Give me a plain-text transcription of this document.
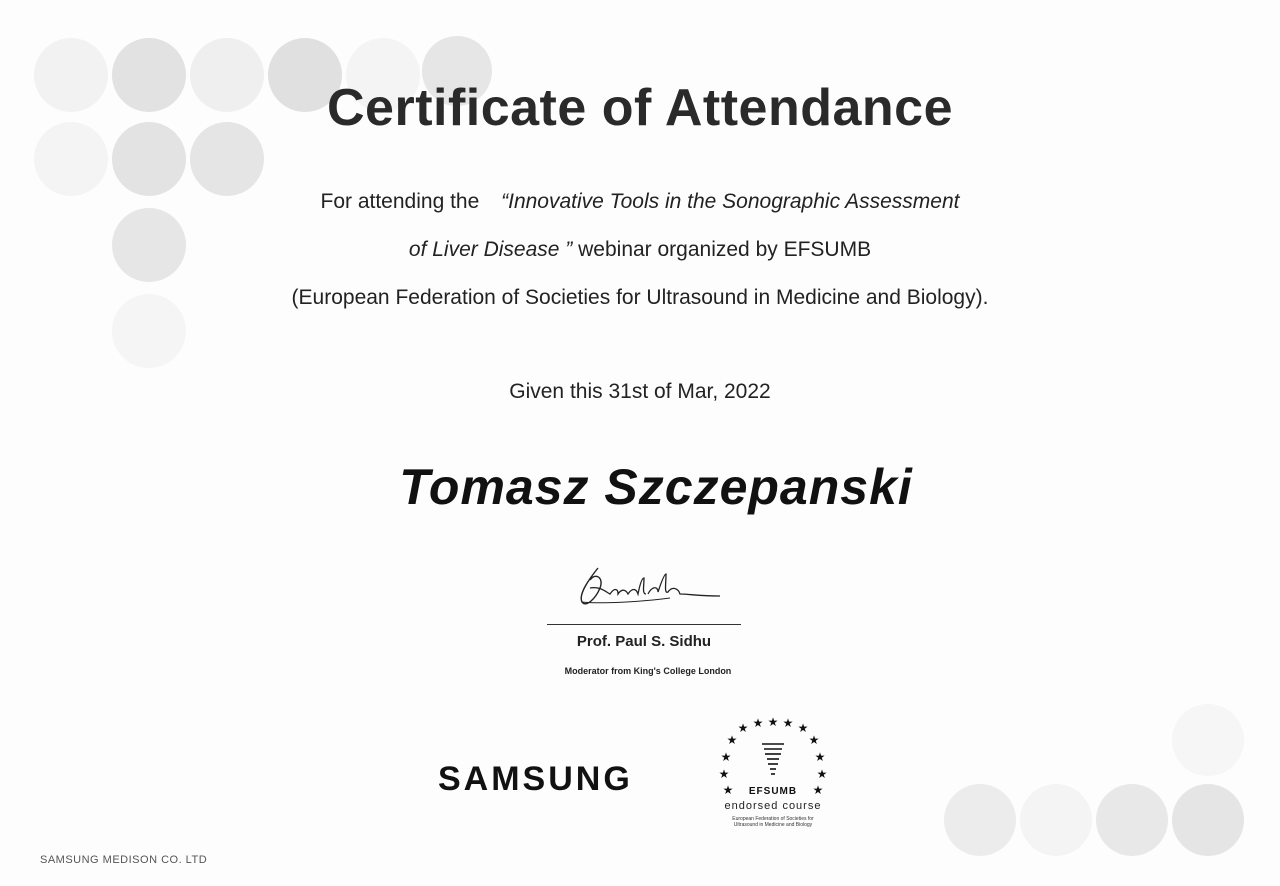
Certificate of Attendance
For attending the “Innovative Tools in the Sonographic Assessment
of Liver Disease ” webinar organized by EFSUMB
(European Federation of Societies for Ultrasound in Medicine and Biology).
Given this 31st of Mar, 2022
Tomasz Szczepanski
Prof. Paul S. Sidhu
Moderator from King's College London
SAMSUNG
★ ★ ★ ★ ★
★	★
★	★
★	★
★	★
EFSUMB
endorsed course
European Federation of Societies for
Ultrasound in Medicine and Biology
SAMSUNG MEDISON CO. LTD
